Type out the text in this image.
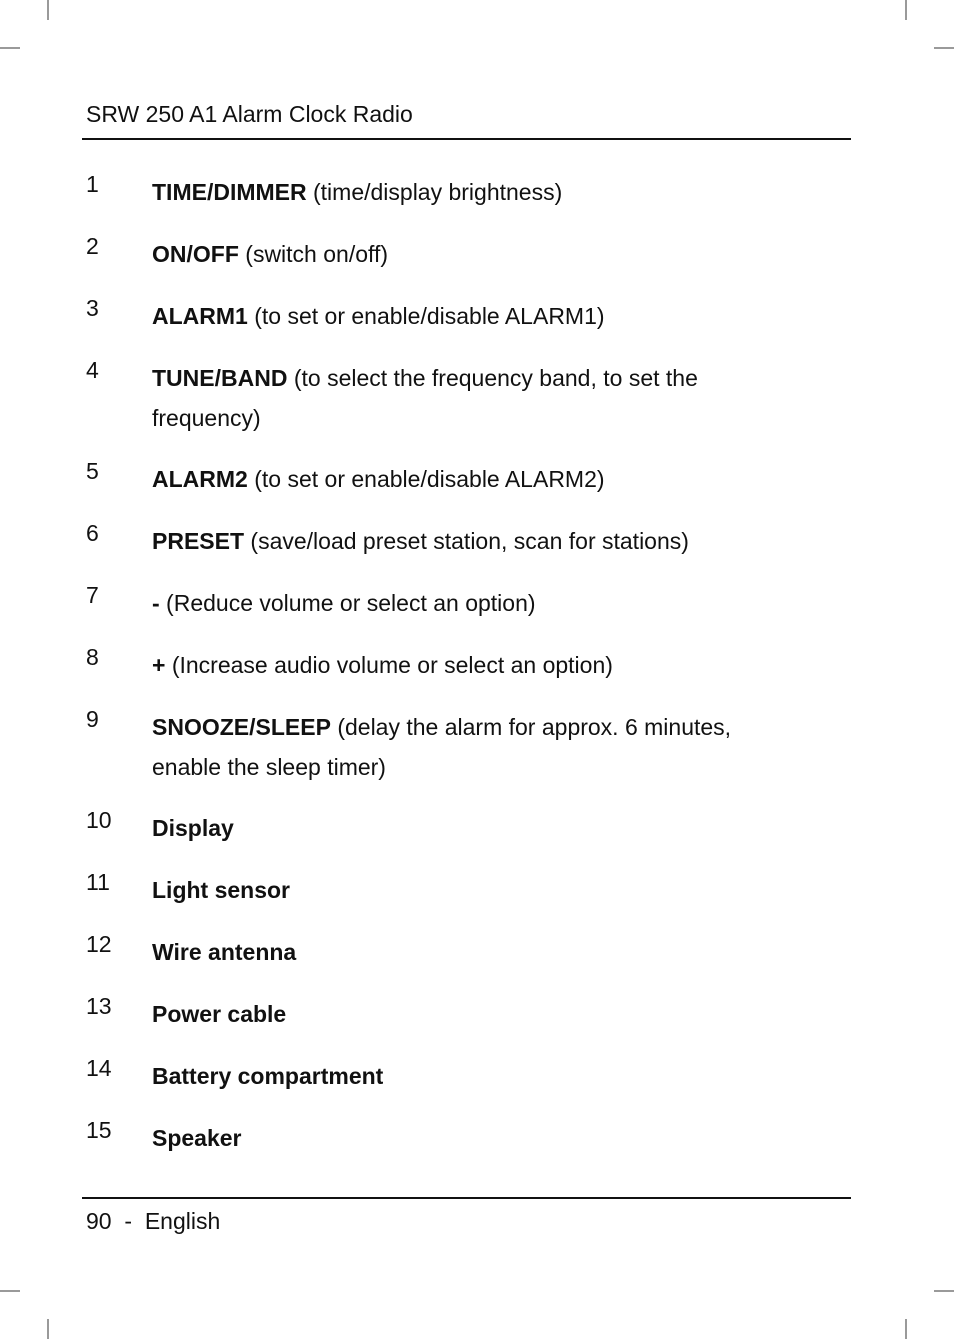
SRW 250 A1 Alarm Clock Radio
1 TIME/DIMMER (time/display brightness)
2 ON/OFF (switch on/off)
3 ALARM1 (to set or enable/disable ALARM1)
4 TUNE/BAND (to select the frequency band, to set the frequency)
5 ALARM2 (to set or enable/disable ALARM2)
6 PRESET (save/load preset station, scan for stations)
7 - (Reduce volume or select an option)
8 + (Increase audio volume or select an option)
9 SNOOZE/SLEEP (delay the alarm for approx. 6 minutes, enable the sleep timer)
10 Display
11 Light sensor
12 Wire antenna
13 Power cable
14 Battery compartment
15 Speaker
90 - English
